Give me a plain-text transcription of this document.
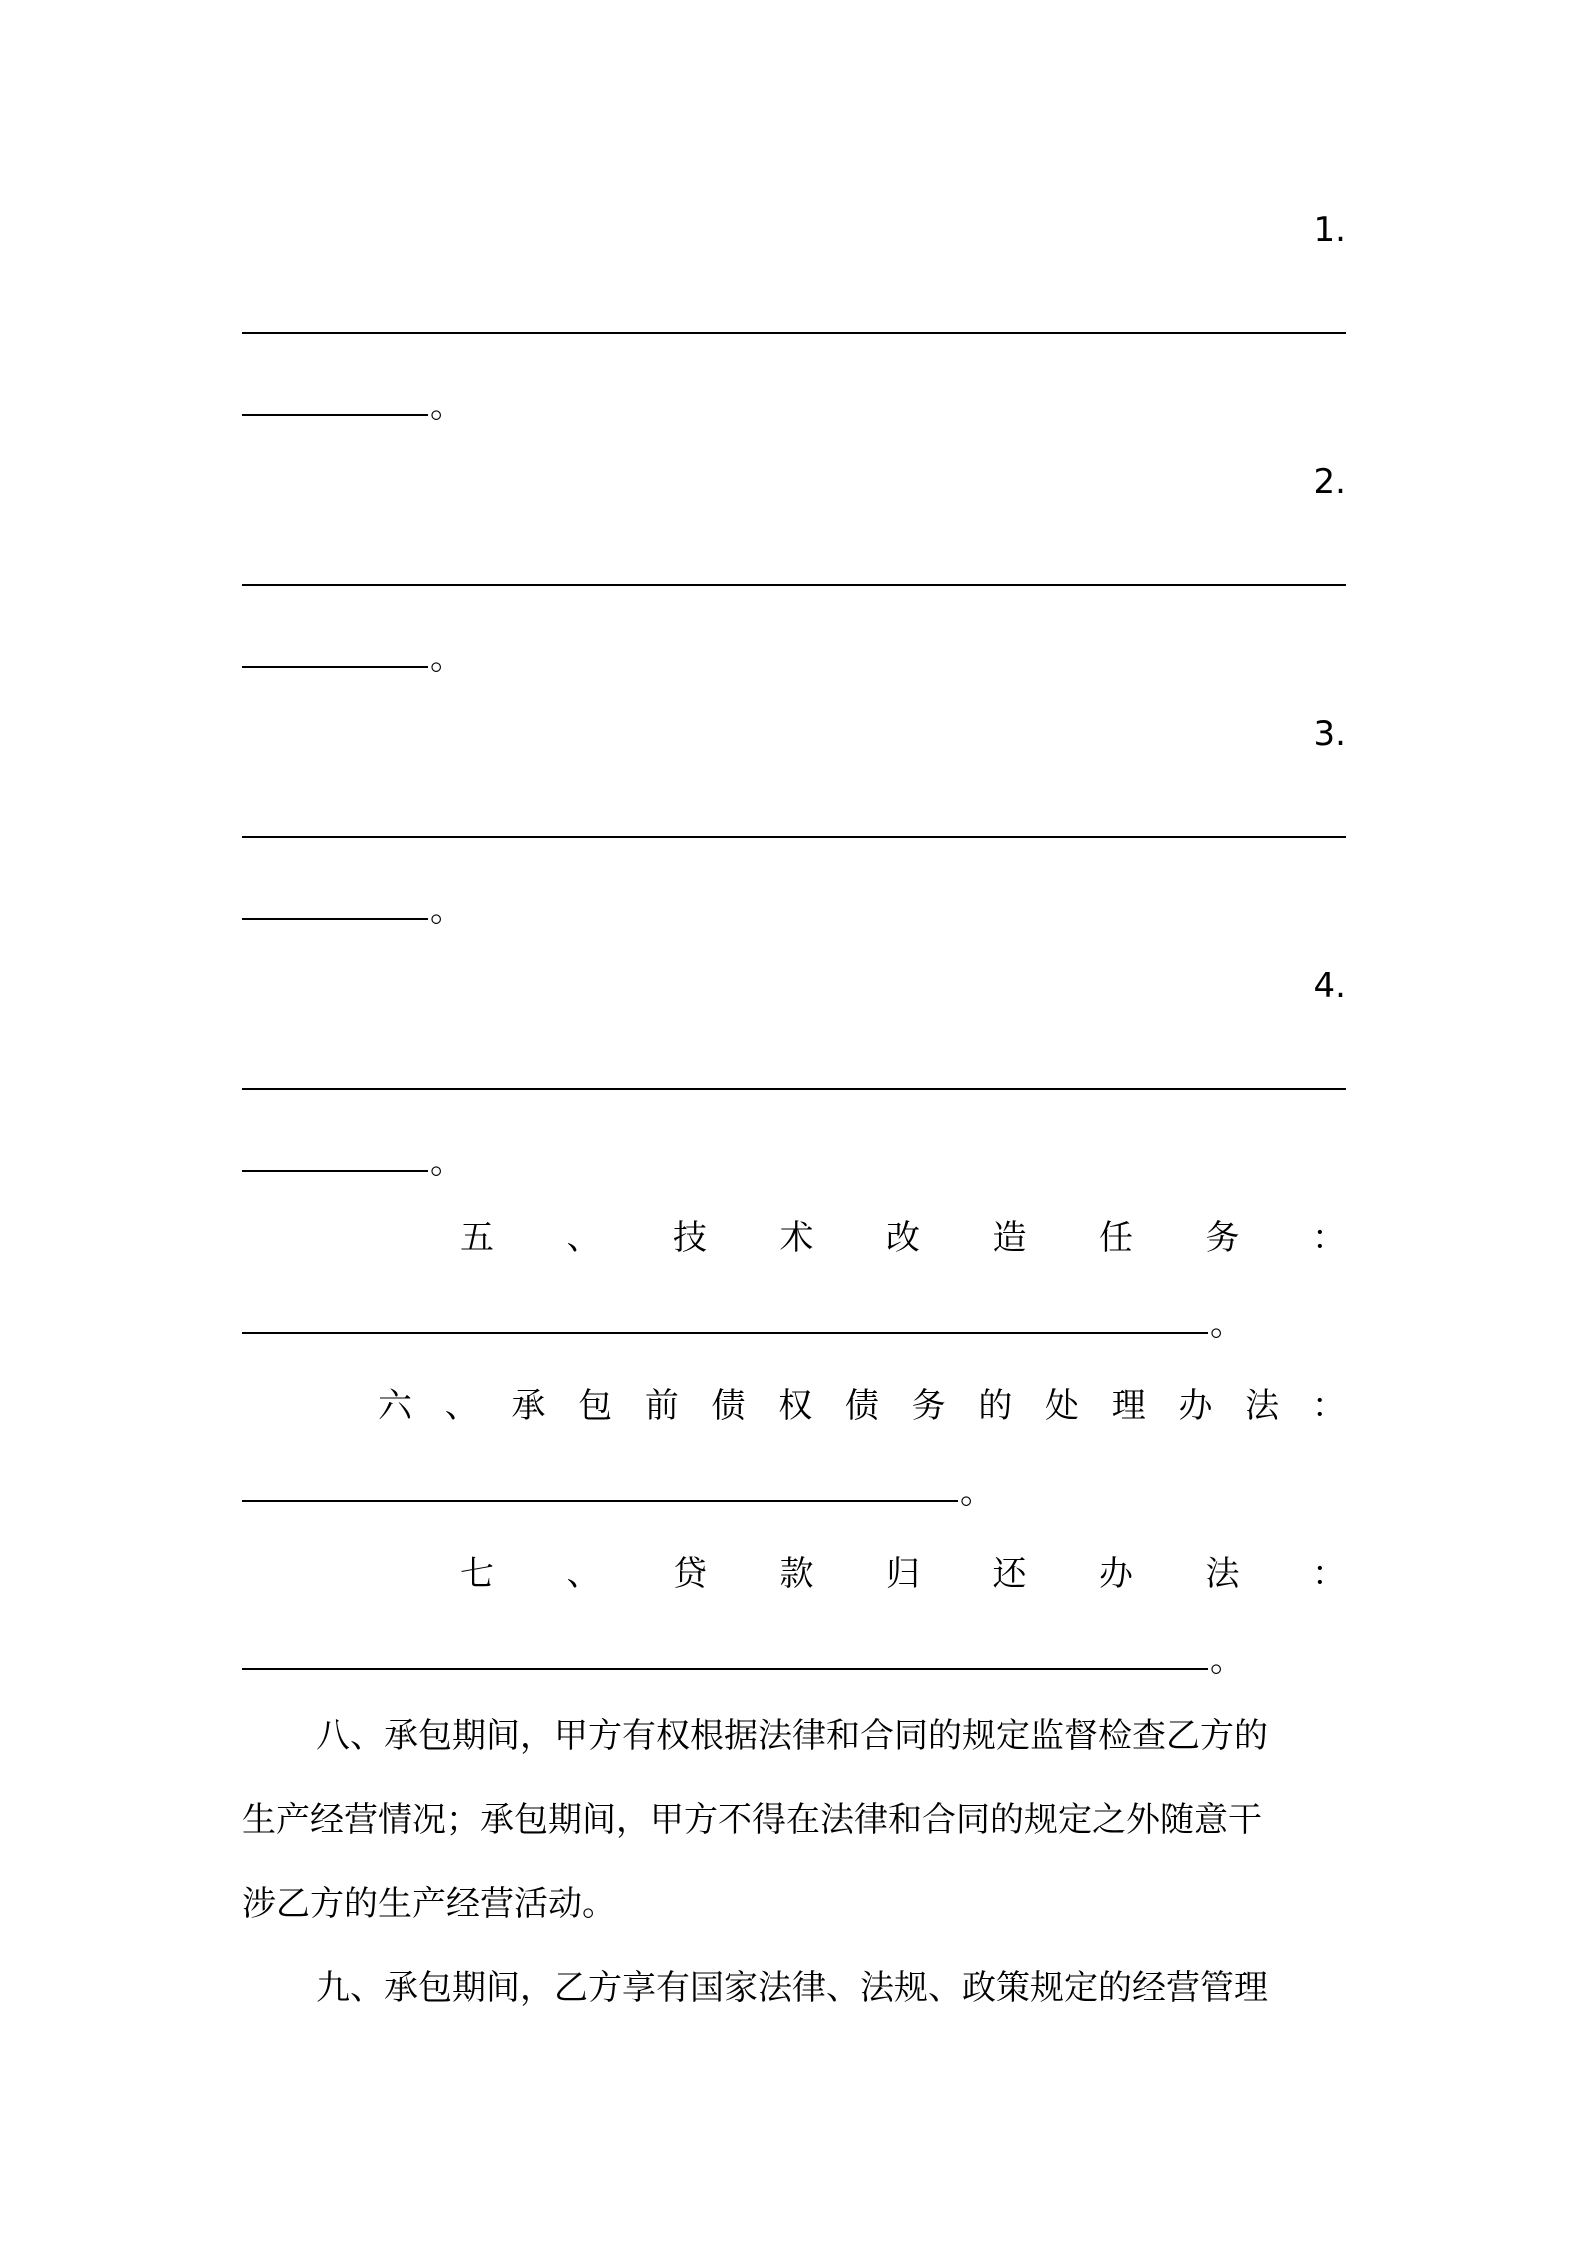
1.
。
2.
。
3.
。
4.
。
五 、 技 术 改 造 任 务 ：
。
六 、 承 包 前 债 权 债 务 的 处 理 办 法 ：
。
七 、 贷 款 归 还 办 法 ：
。
八、承包期间，甲方有权根据法律和合同的规定监督检查乙方的
生产经营情况；承包期间，甲方不得在法律和合同的规定之外随意干
涉乙方的生产经营活动。
九、承包期间，乙方享有国家法律、法规、政策规定的经营管理
